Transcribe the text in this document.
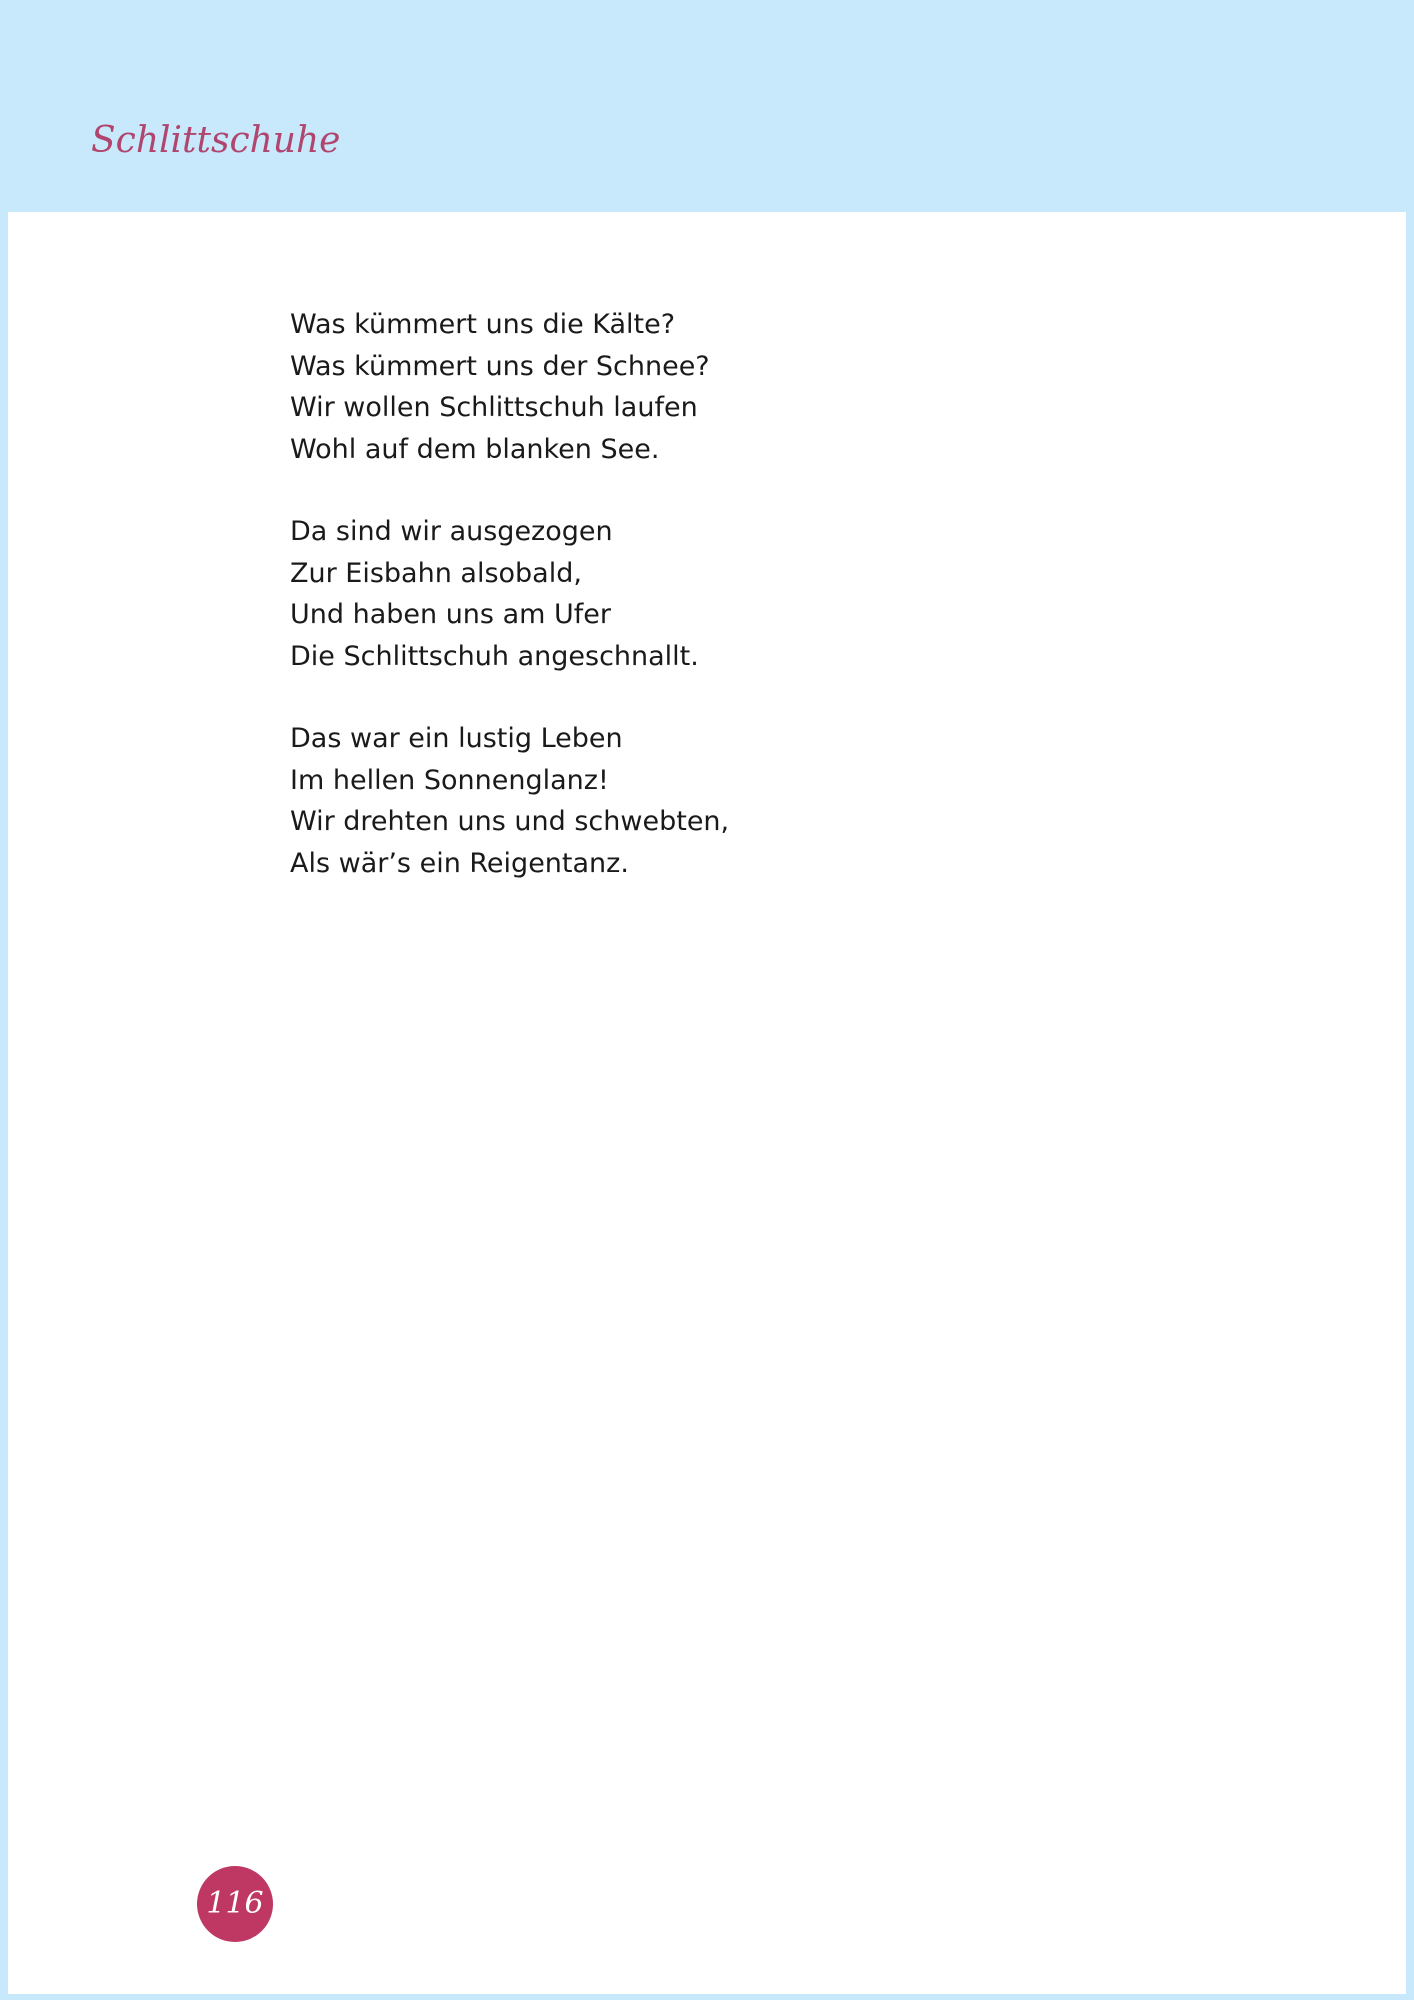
Schlittschuhe
Was kümmert uns die Kälte?
Was kümmert uns der Schnee?
Wir wollen Schlittschuh laufen
Wohl auf dem blanken See.
Da sind wir ausgezogen
Zur Eisbahn alsobald,
Und haben uns am Ufer
Die Schlittschuh angeschnallt.
Das war ein lustig Leben
Im hellen Sonnenglanz!
Wir drehten uns und schwebten,
Als wär’s ein Reigentanz.
116
